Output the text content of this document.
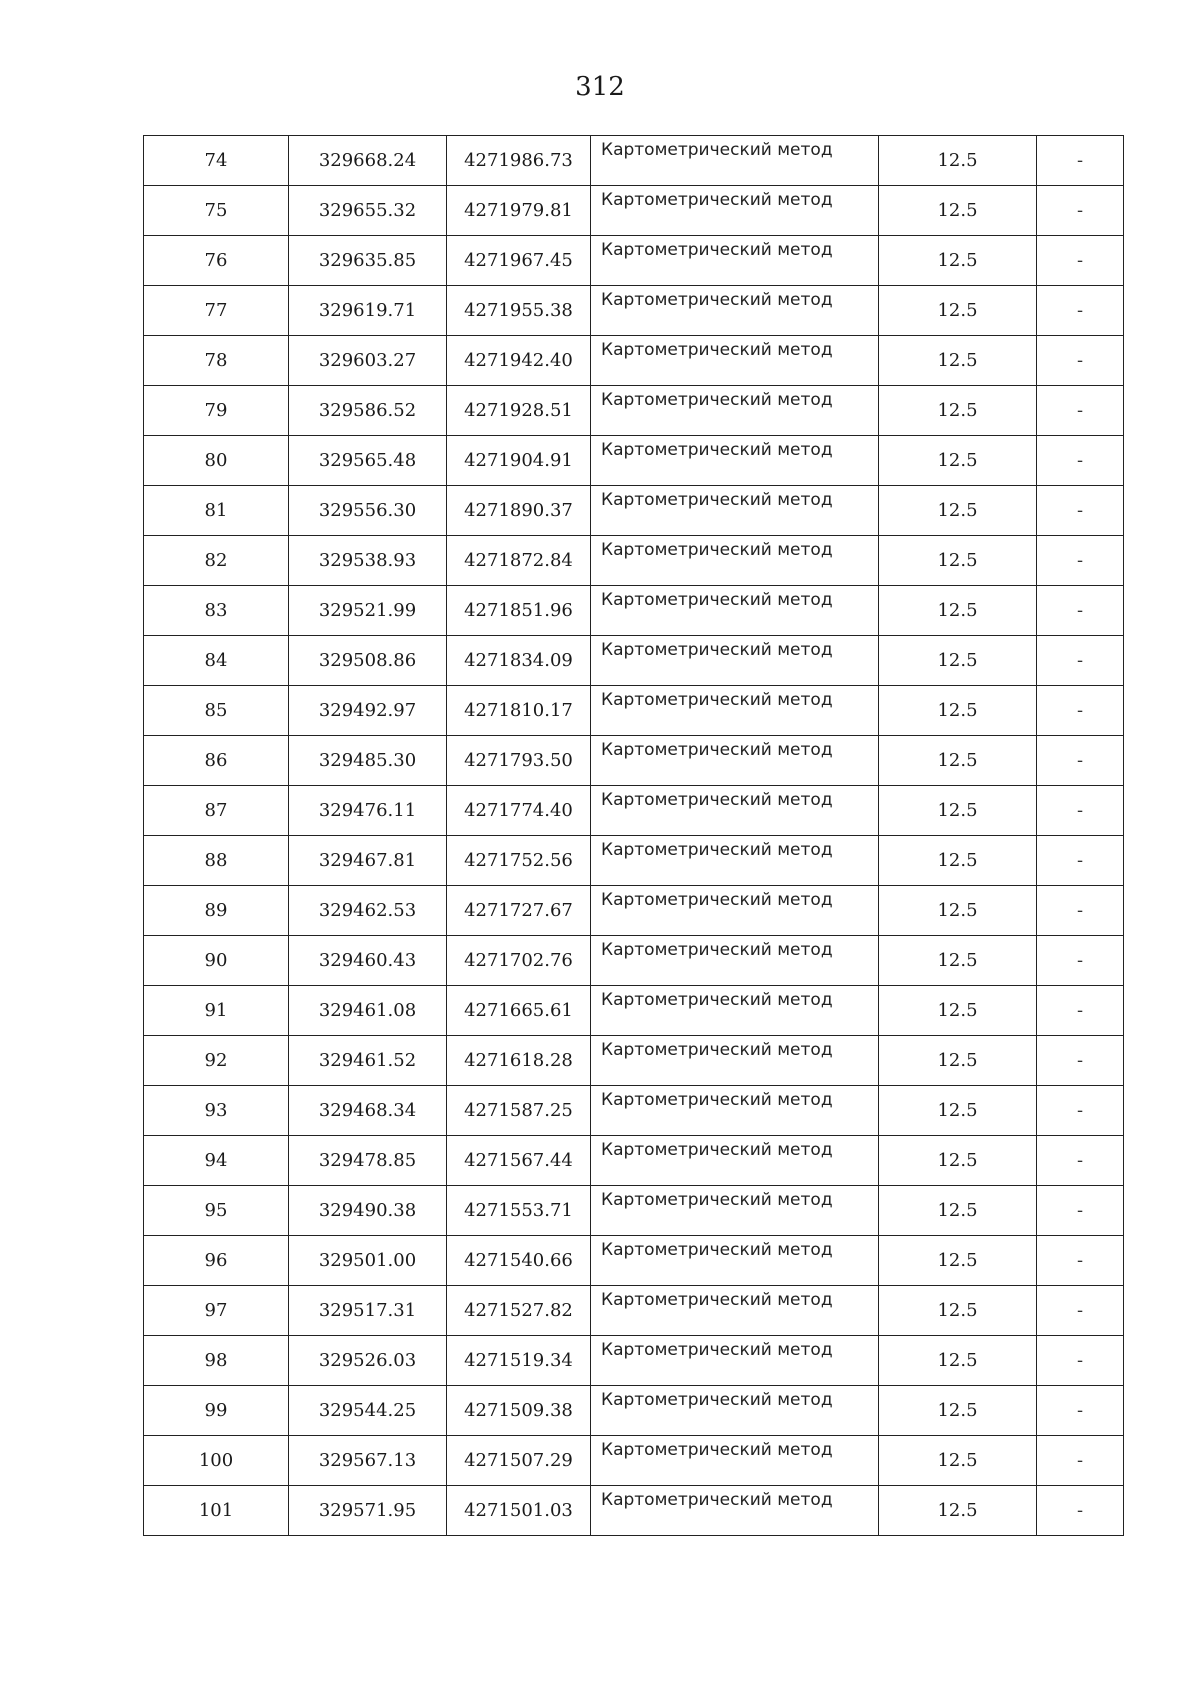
312
74	329668.24	4271986.73	Картометрический метод	12.5	-
75	329655.32	4271979.81	Картометрический метод	12.5	-
76	329635.85	4271967.45	Картометрический метод	12.5	-
77	329619.71	4271955.38	Картометрический метод	12.5	-
78	329603.27	4271942.40	Картометрический метод	12.5	-
79	329586.52	4271928.51	Картометрический метод	12.5	-
80	329565.48	4271904.91	Картометрический метод	12.5	-
81	329556.30	4271890.37	Картометрический метод	12.5	-
82	329538.93	4271872.84	Картометрический метод	12.5	-
83	329521.99	4271851.96	Картометрический метод	12.5	-
84	329508.86	4271834.09	Картометрический метод	12.5	-
85	329492.97	4271810.17	Картометрический метод	12.5	-
86	329485.30	4271793.50	Картометрический метод	12.5	-
87	329476.11	4271774.40	Картометрический метод	12.5	-
88	329467.81	4271752.56	Картометрический метод	12.5	-
89	329462.53	4271727.67	Картометрический метод	12.5	-
90	329460.43	4271702.76	Картометрический метод	12.5	-
91	329461.08	4271665.61	Картометрический метод	12.5	-
92	329461.52	4271618.28	Картометрический метод	12.5	-
93	329468.34	4271587.25	Картометрический метод	12.5	-
94	329478.85	4271567.44	Картометрический метод	12.5	-
95	329490.38	4271553.71	Картометрический метод	12.5	-
96	329501.00	4271540.66	Картометрический метод	12.5	-
97	329517.31	4271527.82	Картометрический метод	12.5	-
98	329526.03	4271519.34	Картометрический метод	12.5	-
99	329544.25	4271509.38	Картометрический метод	12.5	-
100	329567.13	4271507.29	Картометрический метод	12.5	-
101	329571.95	4271501.03	Картометрический метод	12.5	-
